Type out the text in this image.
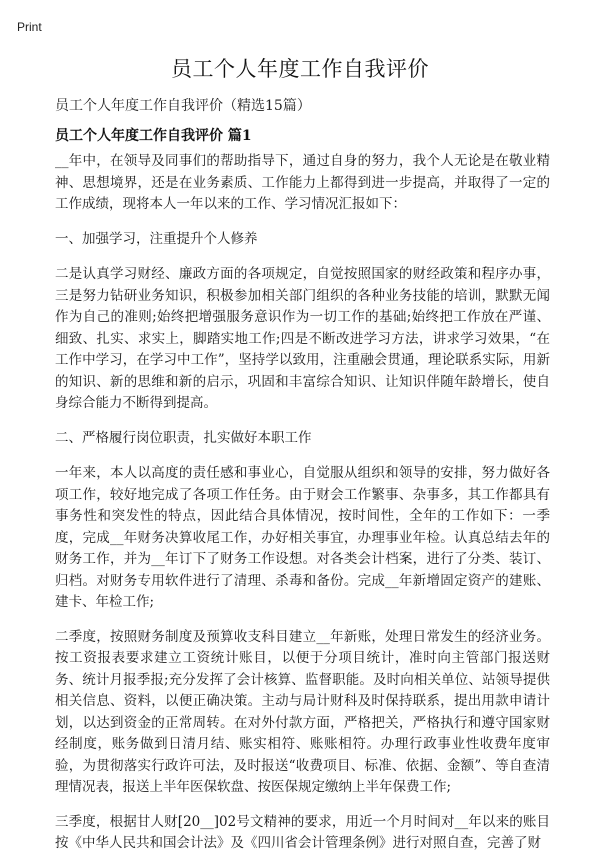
Print
员工个人年度工作自我评价
员工个人年度工作自我评价（精选15篇）
员工个人年度工作自我评价 篇1

__年中，在领导及同事们的帮助指导下，通过自身的努力，我个人无论是在敬业精神、思想境界，还是在业务素质、工作能力上都得到进一步提高，并取得了一定的工作成绩，现将本人一年以来的工作、学习情况汇报如下：

一、加强学习，注重提升个人修养

二是认真学习财经、廉政方面的各项规定，自觉按照国家的财经政策和程序办事，三是努力钻研业务知识，积极参加相关部门组织的各种业务技能的培训，默默无闻作为自己的准则;始终把增强服务意识作为一切工作的基础;始终把工作放在严谨、细致、扎实、求实上，脚踏实地工作;四是不断改进学习方法，讲求学习效果，“在工作中学习，在学习中工作”，坚持学以致用，注重融会贯通，理论联系实际，用新的知识、新的思维和新的启示，巩固和丰富综合知识、让知识伴随年龄增长，使自身综合能力不断得到提高。

二、严格履行岗位职责，扎实做好本职工作

一年来，本人以高度的责任感和事业心，自觉服从组织和领导的安排，努力做好各项工作，较好地完成了各项工作任务。由于财会工作繁事、杂事多，其工作都具有事务性和突发性的特点，因此结合具体情况，按时间性，全年的工作如下：一季度，完成__年财务决算收尾工作，办好相关事宜，办理事业年检。认真总结去年的财务工作，并为__年订下了财务工作设想。对各类会计档案，进行了分类、装订、归档。对财务专用软件进行了清理、杀毒和备份。完成__年新增固定资产的建账、建卡、年检工作;

二季度，按照财务制度及预算收支科目建立__年新账，处理日常发生的经济业务。按工资报表要求建立工资统计账目，以便于分项目统计，准时向主管部门报送财务、统计月报季报;充分发挥了会计核算、监督职能。及时向相关单位、站领导提供相关信息、资料，以便正确决策。主动与局计财科及时保持联系，提出用款申请计划，以达到资金的正常周转。在对外付款方面，严格把关，严格执行和遵守国家财经制度，账务做到日清月结、账实相符、账账相符。办理行政事业性收费年度审验，为贯彻落实行政许可法，及时报送“收费项目、标准、依据、金额”、等自查清理情况表，报送上半年医保软盘、按医保规定缴纳上半年保费工作;

三季度，根据甘人财[20__]02号文精神的要求，用近一个月时间对__年以来的账目按《中华人民共和国会计法》及《四川省会计管理条例》进行对照自查，完善了财
